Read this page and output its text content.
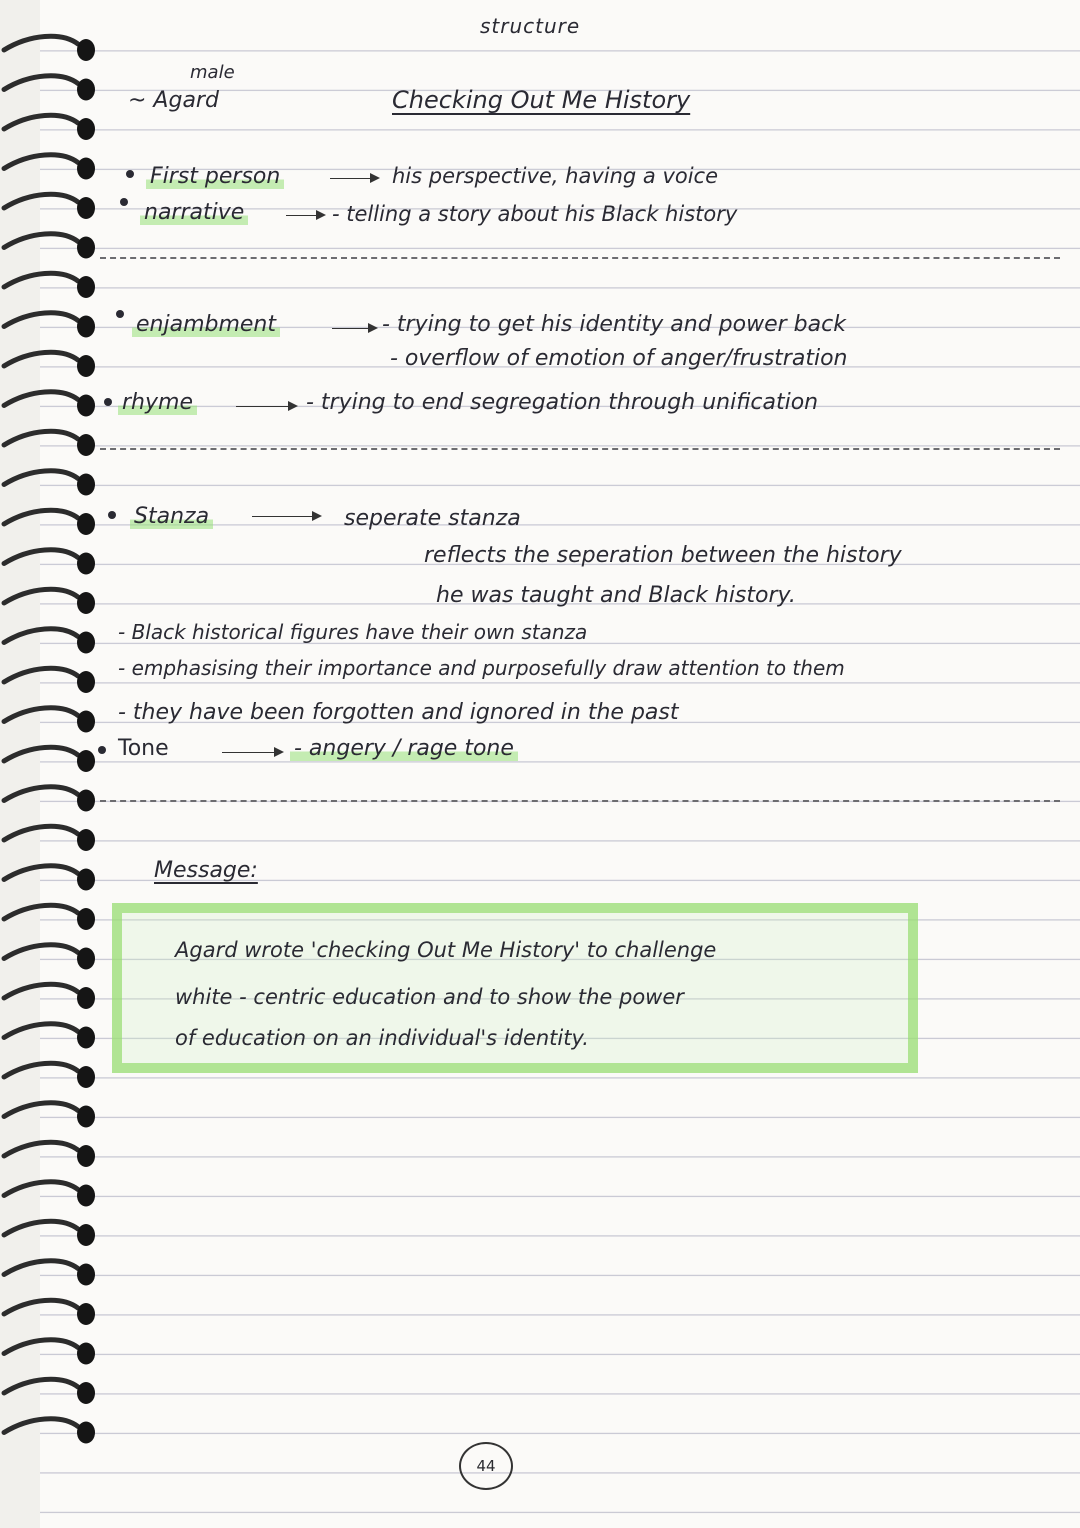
structure
male
~ Agard	Checking Out Me History
First person	his perspective, having a voice
narrative	- telling a story about his Black history
enjambment	- trying to get his identity and power back
- overflow of emotion of anger/frustration
rhyme	- trying to end segregation through unification
Stanza	seperate stanza
reflects the seperation between the history
he was taught and Black history.
- Black historical figures have their own stanza
- emphasising their importance and purposefully draw attention to them
- they have been forgotten and ignored in the past
Tone	- angery / rage tone
Message:
Agard wrote 'checking Out Me History' to challenge
white - centric education and to show the power
of education on an individual's identity.
44
